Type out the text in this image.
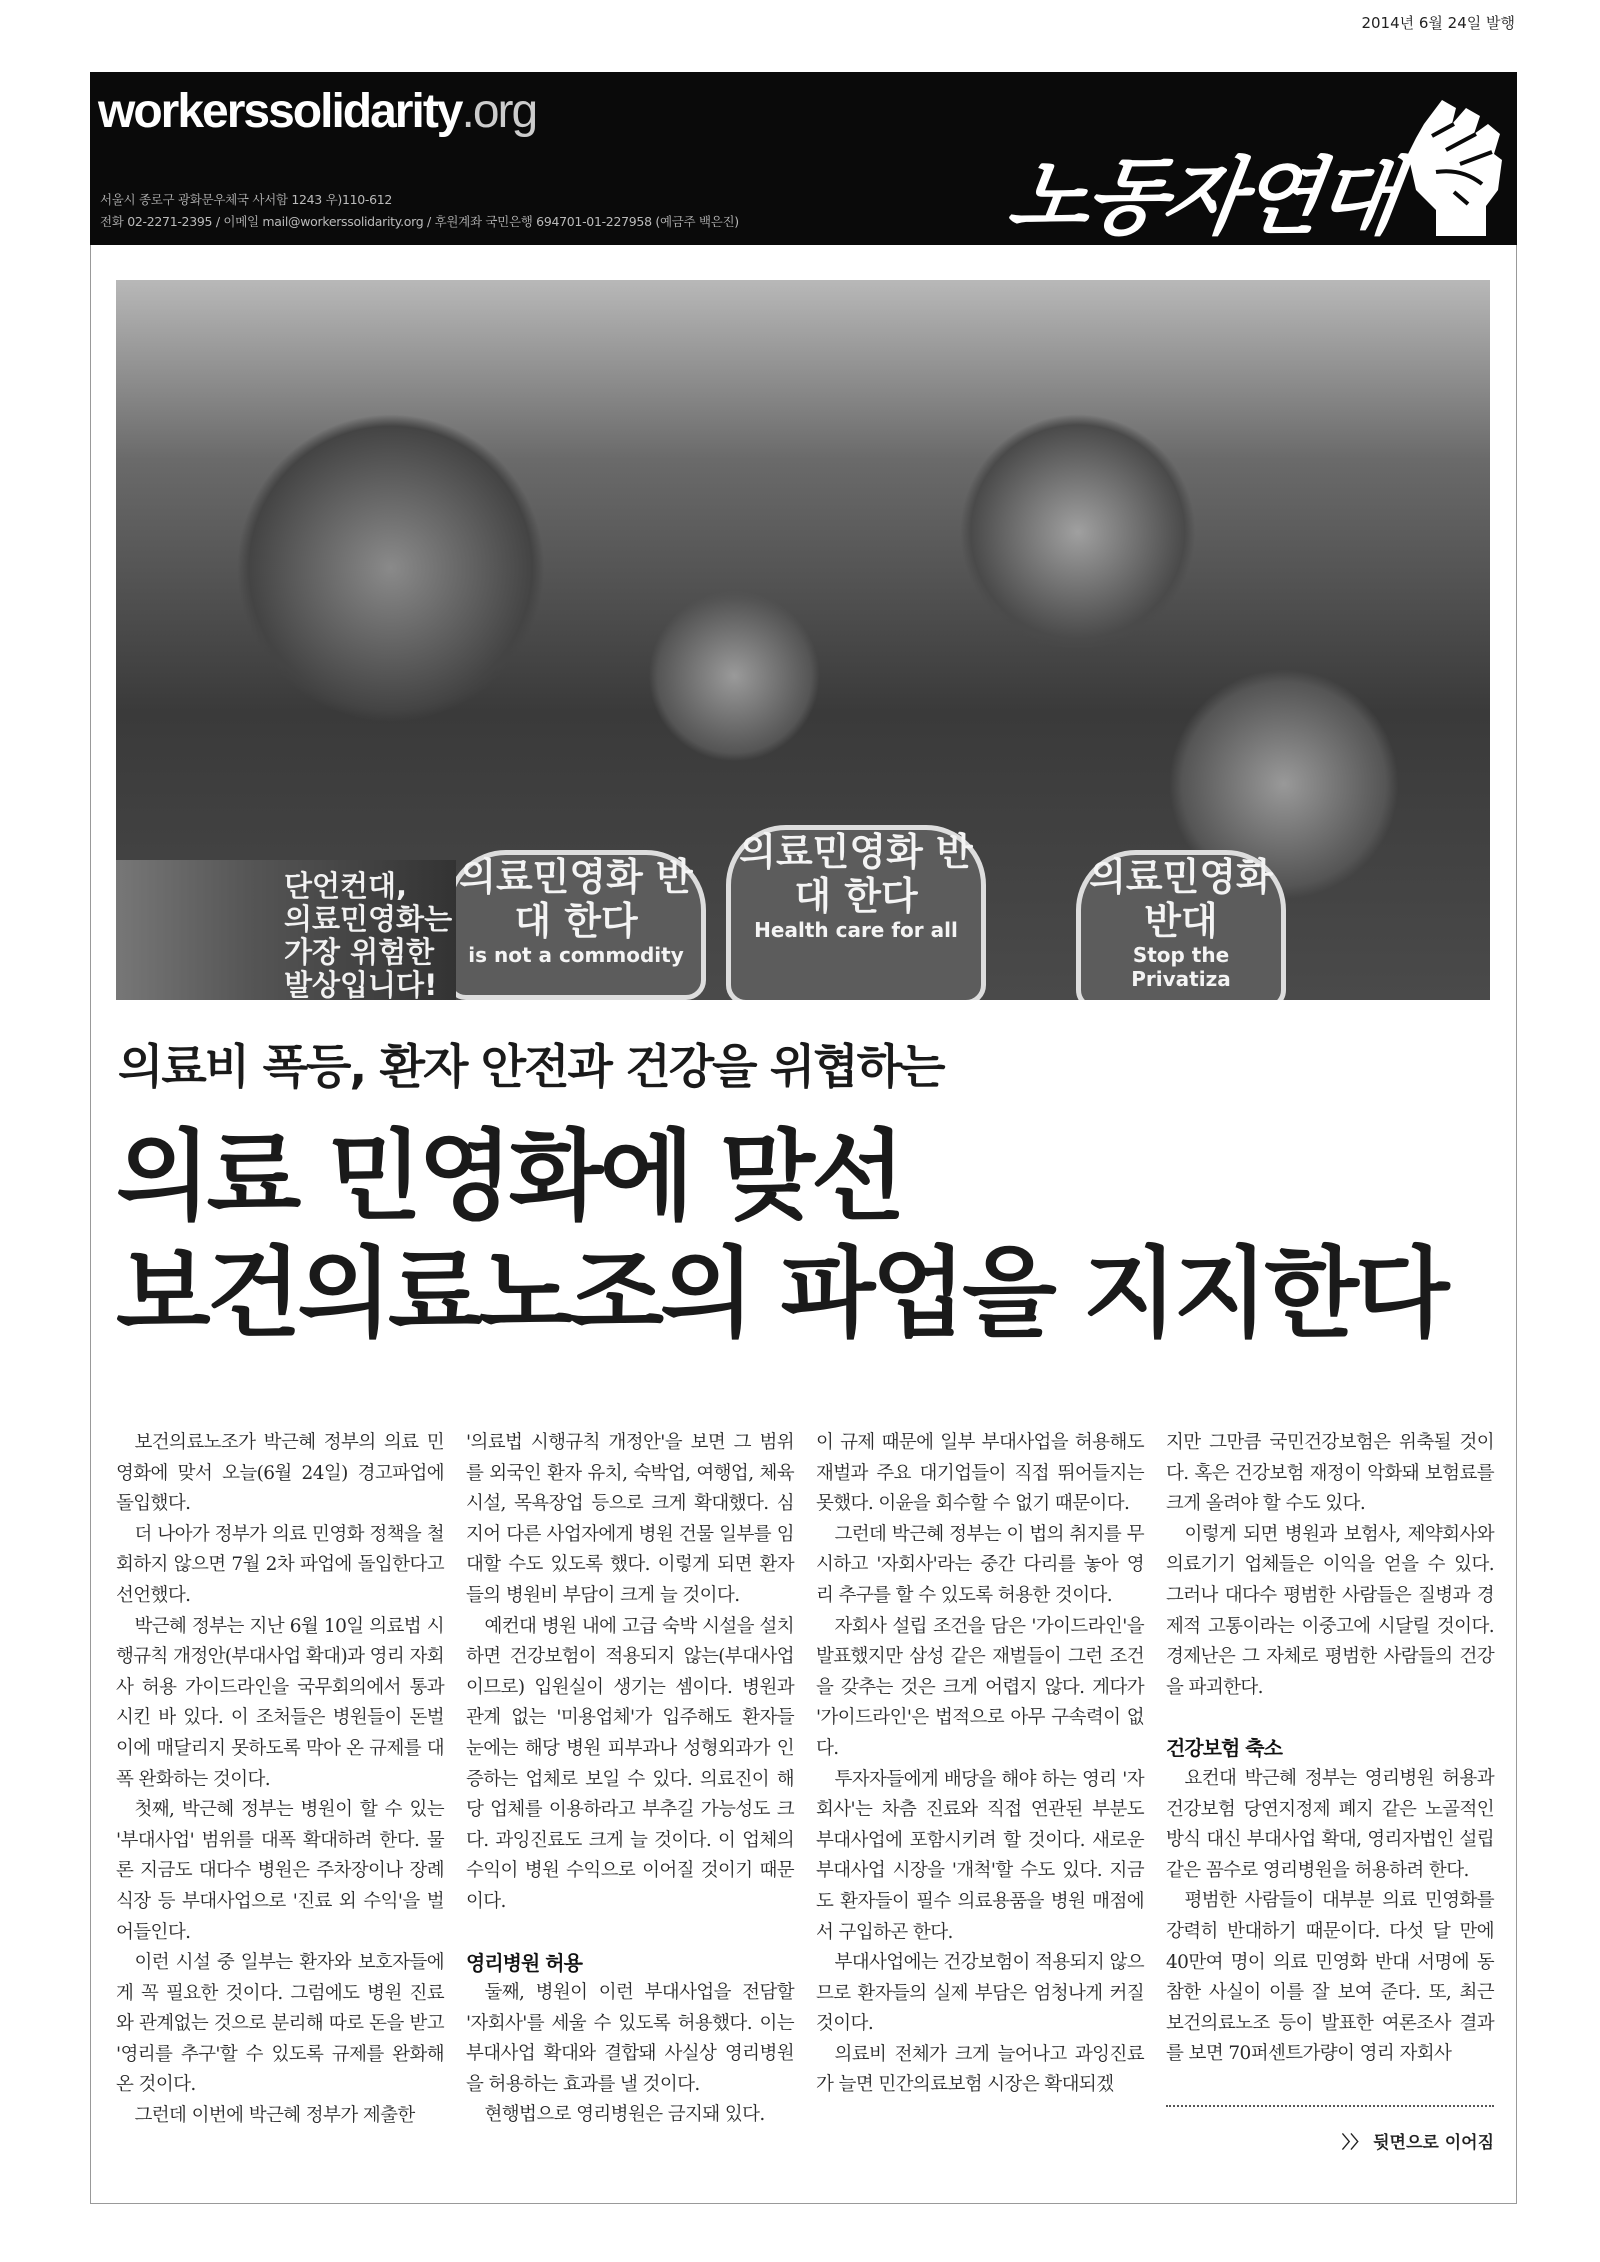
2014년 6월 24일 발행
workerssolidarity.org
서울시 종로구 광화문우체국 사서함 1243 우)110-612
전화 02-2271-2395 / 이메일 mail@workerssolidarity.org / 후원계좌 국민은행 694701-01-227958 (예금주 백은진)	노동자연대
의료민영화 반대 한다
is not a commodity
의료민영화 반대 한다
Health care for all
의료민영화 반대
Stop the Privatiza
단언컨대,
의료민영화는
가장 위험한
발상입니다!
의료비 폭등, 환자 안전과 건강을 위협하는
의료 민영화에 맞선
보건의료노조의 파업을 지지한다

보건의료노조가 박근혜 정부의 의료 민영화에 맞서 오늘(6월 24일) 경고파업에 돌입했다.

더 나아가 정부가 의료 민영화 정책을 철회하지 않으면 7월 2차 파업에 돌입한다고 선언했다.

박근혜 정부는 지난 6월 10일 의료법 시행규칙 개정안(부대사업 확대)과 영리 자회사 허용 가이드라인을 국무회의에서 통과시킨 바 있다. 이 조처들은 병원들이 돈벌이에 매달리지 못하도록 막아 온 규제를 대폭 완화하는 것이다.

첫째, 박근혜 정부는 병원이 할 수 있는 '부대사업' 범위를 대폭 확대하려 한다. 물론 지금도 대다수 병원은 주차장이나 장례식장 등 부대사업으로 '진료 외 수익'을 벌어들인다.

이런 시설 중 일부는 환자와 보호자들에게 꼭 필요한 것이다. 그럼에도 병원 진료와 관계없는 것으로 분리해 따로 돈을 받고 '영리를 추구'할 수 있도록 규제를 완화해 온 것이다.

그런데 이번에 박근혜 정부가 제출한

'의료법 시행규칙 개정안'을 보면 그 범위를 외국인 환자 유치, 숙박업, 여행업, 체육시설, 목욕장업 등으로 크게 확대했다. 심지어 다른 사업자에게 병원 건물 일부를 임대할 수도 있도록 했다. 이렇게 되면 환자들의 병원비 부담이 크게 늘 것이다.

예컨대 병원 내에 고급 숙박 시설을 설치하면 건강보험이 적용되지 않는(부대사업이므로) 입원실이 생기는 셈이다. 병원과 관계 없는 '미용업체'가 입주해도 환자들 눈에는 해당 병원 피부과나 성형외과가 인증하는 업체로 보일 수 있다. 의료진이 해당 업체를 이용하라고 부추길 가능성도 크다. 과잉진료도 크게 늘 것이다. 이 업체의 수익이 병원 수익으로 이어질 것이기 때문이다.

영리병원 허용

둘째, 병원이 이런 부대사업을 전담할 '자회사'를 세울 수 있도록 허용했다. 이는 부대사업 확대와 결합돼 사실상 영리병원을 허용하는 효과를 낼 것이다.

현행법으로 영리병원은 금지돼 있다.

이 규제 때문에 일부 부대사업을 허용해도 재벌과 주요 대기업들이 직접 뛰어들지는 못했다. 이윤을 회수할 수 없기 때문이다.

그런데 박근혜 정부는 이 법의 취지를 무시하고 '자회사'라는 중간 다리를 놓아 영리 추구를 할 수 있도록 허용한 것이다.

자회사 설립 조건을 담은 '가이드라인'을 발표했지만 삼성 같은 재벌들이 그런 조건을 갖추는 것은 크게 어렵지 않다. 게다가 '가이드라인'은 법적으로 아무 구속력이 없다.

투자자들에게 배당을 해야 하는 영리 '자회사'는 차츰 진료와 직접 연관된 부분도 부대사업에 포함시키려 할 것이다. 새로운 부대사업 시장을 '개척'할 수도 있다. 지금도 환자들이 필수 의료용품을 병원 매점에서 구입하곤 한다.

부대사업에는 건강보험이 적용되지 않으므로 환자들의 실제 부담은 엄청나게 커질 것이다.

의료비 전체가 크게 늘어나고 과잉진료가 늘면 민간의료보험 시장은 확대되겠

지만 그만큼 국민건강보험은 위축될 것이다. 혹은 건강보험 재정이 악화돼 보험료를 크게 올려야 할 수도 있다.

이렇게 되면 병원과 보험사, 제약회사와 의료기기 업체들은 이익을 얻을 수 있다. 그러나 대다수 평범한 사람들은 질병과 경제적 고통이라는 이중고에 시달릴 것이다. 경제난은 그 자체로 평범한 사람들의 건강을 파괴한다.

건강보험 축소

요컨대 박근혜 정부는 영리병원 허용과 건강보험 당연지정제 폐지 같은 노골적인 방식 대신 부대사업 확대, 영리자법인 설립 같은 꼼수로 영리병원을 허용하려 한다.

평범한 사람들이 대부분 의료 민영화를 강력히 반대하기 때문이다. 다섯 달 만에 40만여 명이 의료 민영화 반대 서명에 동참한 사실이 이를 잘 보여 준다. 또, 최근 보건의료노조 등이 발표한 여론조사 결과를 보면 70퍼센트가량이 영리 자회사

〉〉 뒷면으로 이어짐
